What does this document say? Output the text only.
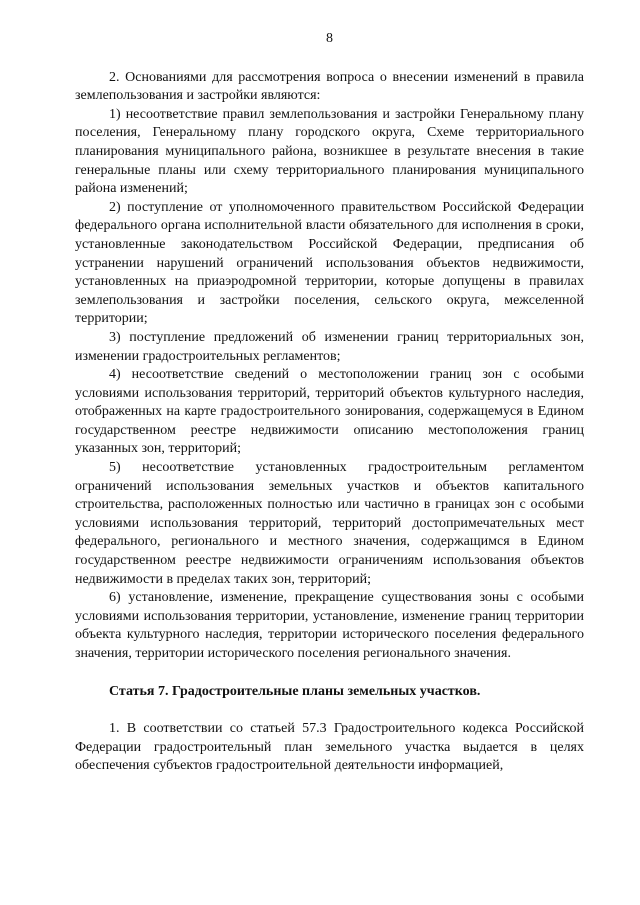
8

2. Основаниями для рассмотрения вопроса о внесении изменений в правила землепользования и застройки являются:

1) несоответствие правил землепользования и застройки Генеральному плану поселения, Генеральному плану городского округа, Схеме территориального планирования муниципального района, возникшее в результате внесения в такие генеральные планы или схему территориального планирования муниципального района изменений;

2) поступление от уполномоченного правительством Российской Федерации федерального органа исполнительной власти обязательного для исполнения в сроки, установленные законодательством Российской Федерации, предписания об устранении нарушений ограничений использования объектов недвижимости, установленных на приаэродромной территории, которые допущены в правилах землепользования и застройки поселения, сельского округа, межселенной территории;

3) поступление предложений об изменении границ территориальных зон, изменении градостроительных регламентов;

4) несоответствие сведений о местоположении границ зон с особыми условиями использования территорий, территорий объектов культурного наследия, отображенных на карте градостроительного зонирования, содержащемуся в Едином государственном реестре недвижимости описанию местоположения границ указанных зон, территорий;

5) несоответствие установленных градостроительным регламентом ограничений использования земельных участков и объектов капитального строительства, расположенных полностью или частично в границах зон с особыми условиями использования территорий, территорий достопримечательных мест федерального, регионального и местного значения, содержащимся в Едином государственном реестре недвижимости ограничениям использования объектов недвижимости в пределах таких зон, территорий;

6) установление, изменение, прекращение существования зоны с особыми условиями использования территории, установление, изменение границ территории объекта культурного наследия, территории исторического поселения федерального значения, территории исторического поселения регионального значения.

Статья 7. Градостроительные планы земельных участков.

1. В соответствии со статьей 57.3 Градостроительного кодекса Российской Федерации градостроительный план земельного участка выдается в целях обеспечения субъектов градостроительной деятельности информацией,
